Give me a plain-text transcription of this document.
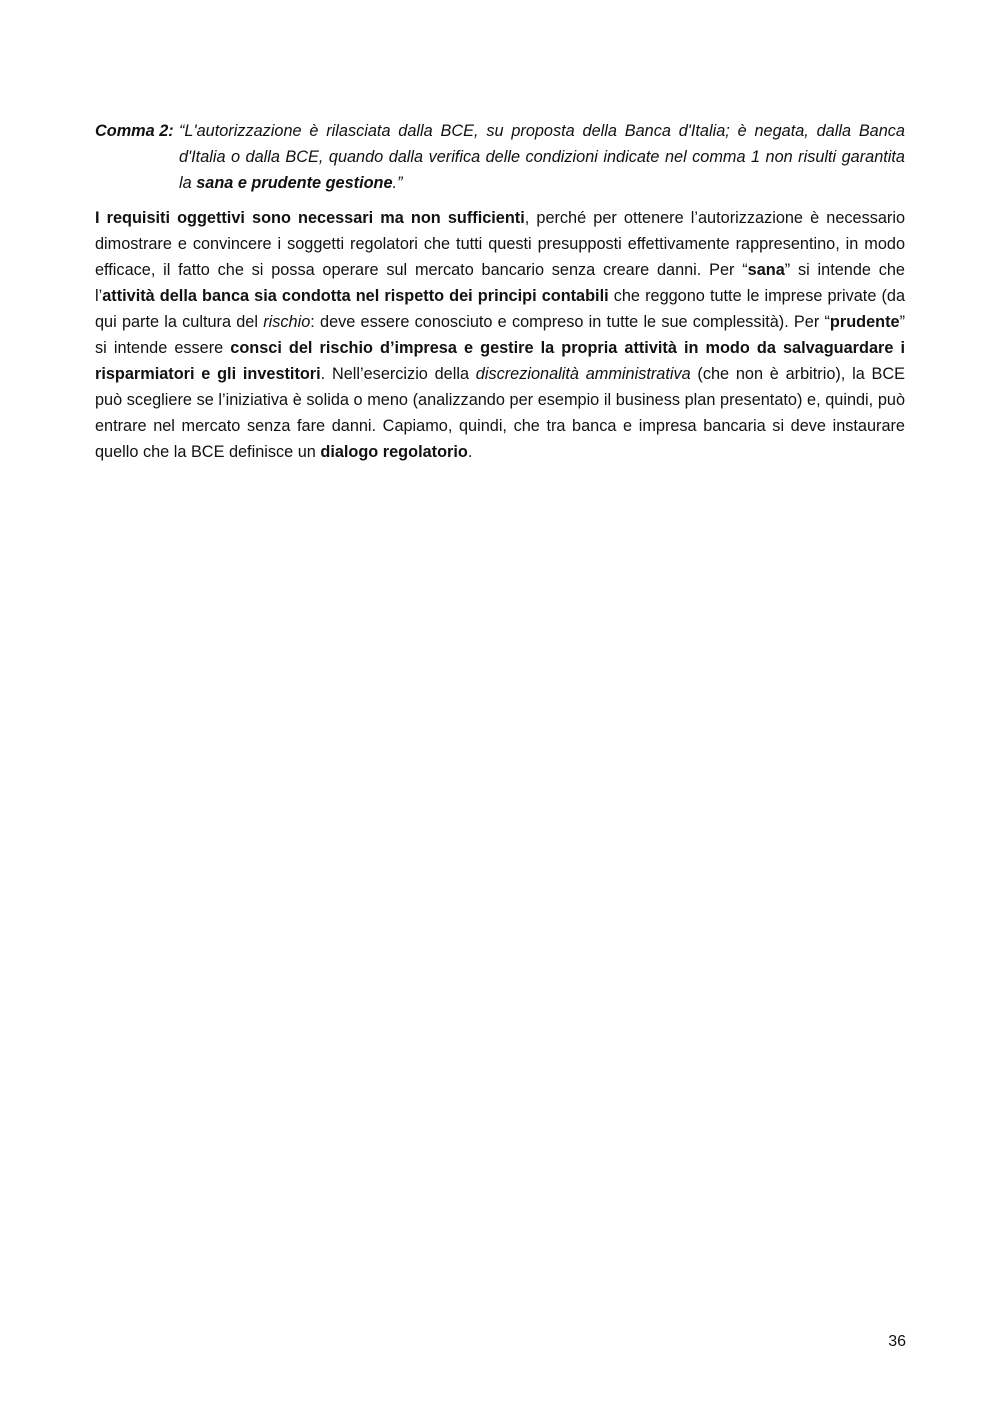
Comma 2: “L'autorizzazione è rilasciata dalla BCE, su proposta della Banca d'Italia; è negata, dalla Banca d'Italia o dalla BCE, quando dalla verifica delle condizioni indicate nel comma 1 non risulti garantita la sana e prudente gestione.”

I requisiti oggettivi sono necessari ma non sufficienti, perché per ottenere l’autorizzazione è necessario dimostrare e convincere i soggetti regolatori che tutti questi presupposti effettivamente rappresentino, in modo efficace, il fatto che si possa operare sul mercato bancario senza creare danni. Per “sana” si intende che l’attività della banca sia condotta nel rispetto dei principi contabili che reggono tutte le imprese private (da qui parte la cultura del rischio: deve essere conosciuto e compreso in tutte le sue complessità). Per “prudente” si intende essere consci del rischio d’impresa e gestire la propria attività in modo da salvaguardare i risparmiatori e gli investitori. Nell’esercizio della discrezionalità amministrativa (che non è arbitrio), la BCE può scegliere se l’iniziativa è solida o meno (analizzando per esempio il business plan presentato) e, quindi, può entrare nel mercato senza fare danni. Capiamo, quindi, che tra banca e impresa bancaria si deve instaurare quello che la BCE definisce un dialogo regolatorio.

36
